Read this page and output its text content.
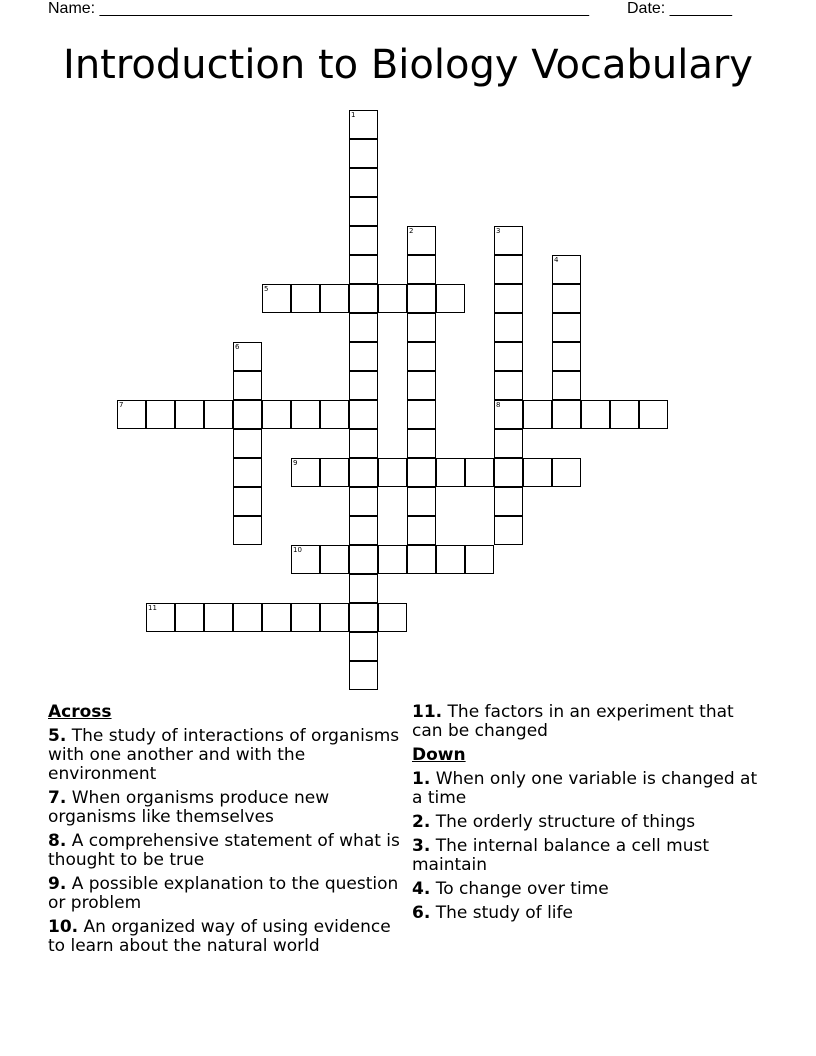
Name: _______________________________________________________ Date: _______
Introduction to Biology Vocabulary
1
2	3
8
4
5
6
7
9
10
11
Across
5. The study of interactions of organisms with one another and with the environment
7. When organisms produce new organisms like themselves
8. A comprehensive statement of what is thought to be true
9. A possible explanation to the question or problem
10. An organized way of using evidence to learn about the natural world
11. The factors in an experiment that can be changed
Down
1. When only one variable is changed at a time
2. The orderly structure of things
3. The internal balance a cell must maintain
4. To change over time
6. The study of life
